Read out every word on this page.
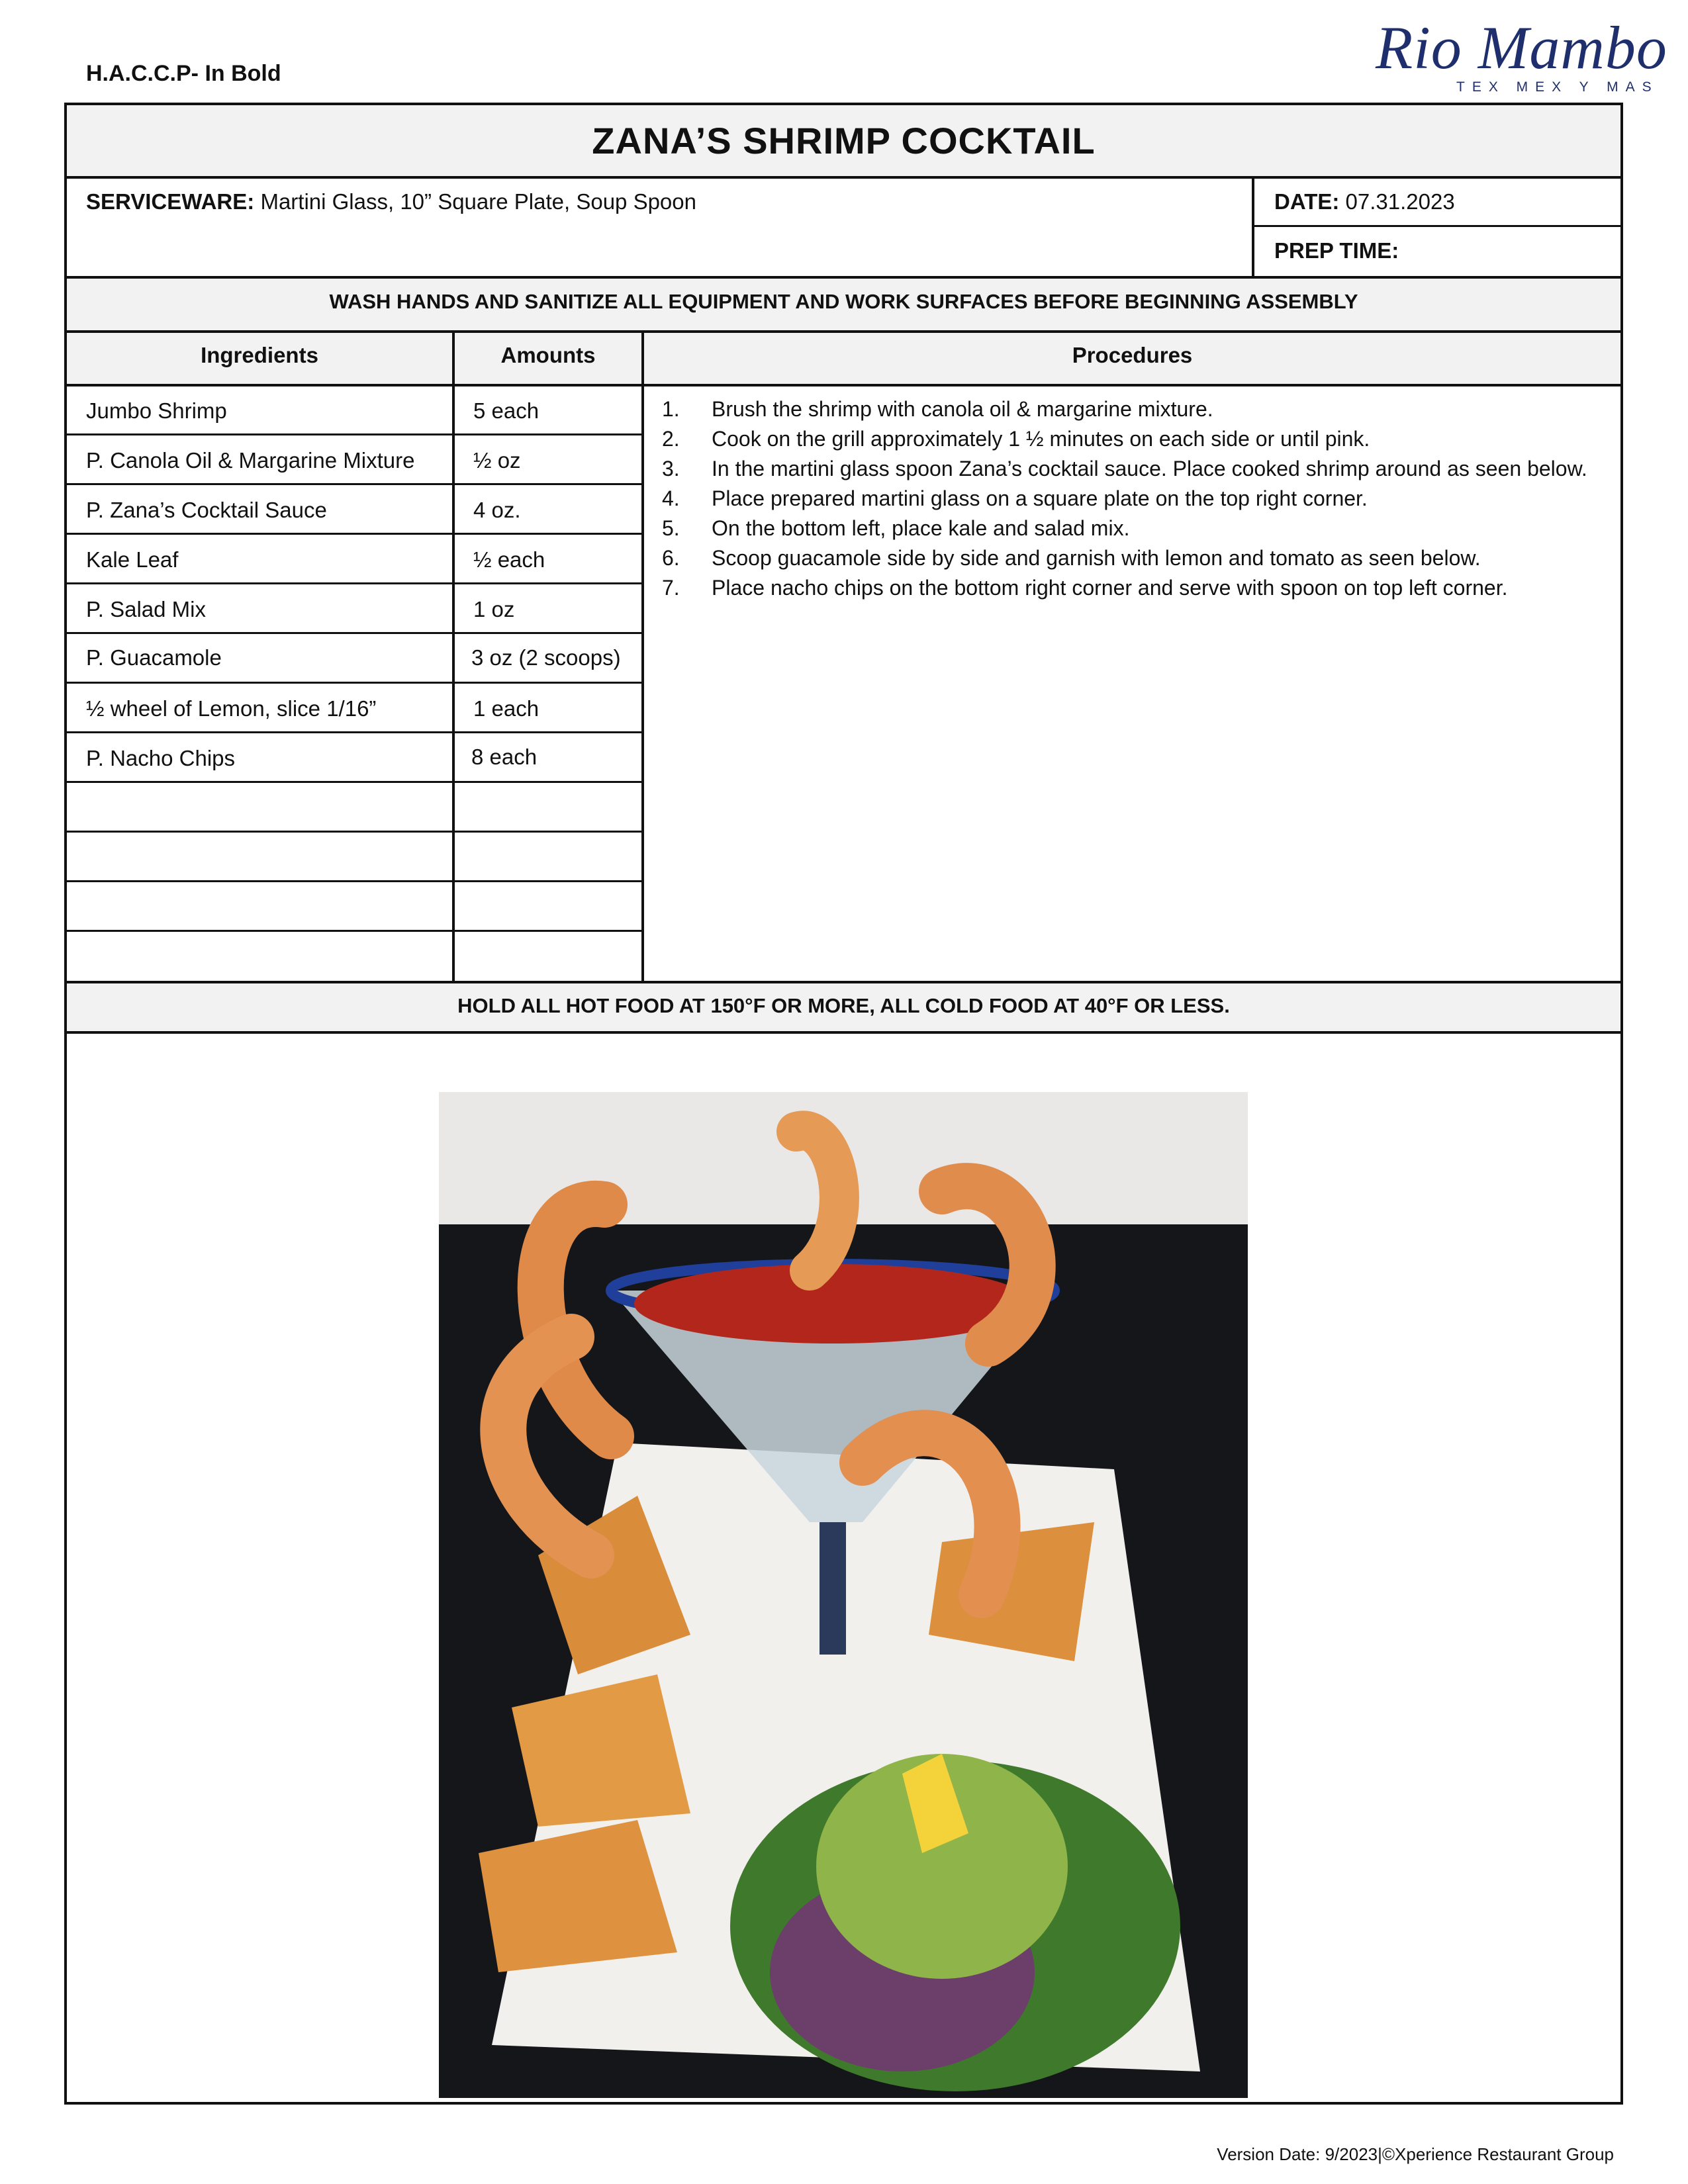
H.A.C.C.P- In Bold	Rio Mambo
TEX MEX Y MAS
ZANA’S SHRIMP COCKTAIL
SERVICEWARE: Martini Glass, 10” Square Plate, Soup Spoon	DATE: 07.31.2023
PREP TIME:
WASH HANDS AND SANITIZE ALL EQUIPMENT AND WORK SURFACES BEFORE BEGINNING ASSEMBLY
Ingredients	Amounts	Procedures
Jumbo Shrimp	5 each
P. Canola Oil & Margarine Mixture	½ oz
P. Zana’s Cocktail Sauce	4 oz.
Kale Leaf	½ each
P. Salad Mix	1 oz
P. Guacamole	3 oz (2 scoops)
½ wheel of Lemon, slice 1/16”	1 each
P. Nacho Chips	8 each
1. Brush the shrimp with canola oil & margarine mixture.
2. Cook on the grill approximately 1 ½ minutes on each side or until pink.
3. In the martini glass spoon Zana’s cocktail sauce. Place cooked shrimp around as seen below.
4. Place prepared martini glass on a square plate on the top right corner.
5. On the bottom left, place kale and salad mix.
6. Scoop guacamole side by side and garnish with lemon and tomato as seen below.
7. Place nacho chips on the bottom right corner and serve with spoon on top left corner.
HOLD ALL HOT FOOD AT 150°F OR MORE, ALL COLD FOOD AT 40°F OR LESS.
Version Date: 9/2023|©Xperience Restaurant Group
